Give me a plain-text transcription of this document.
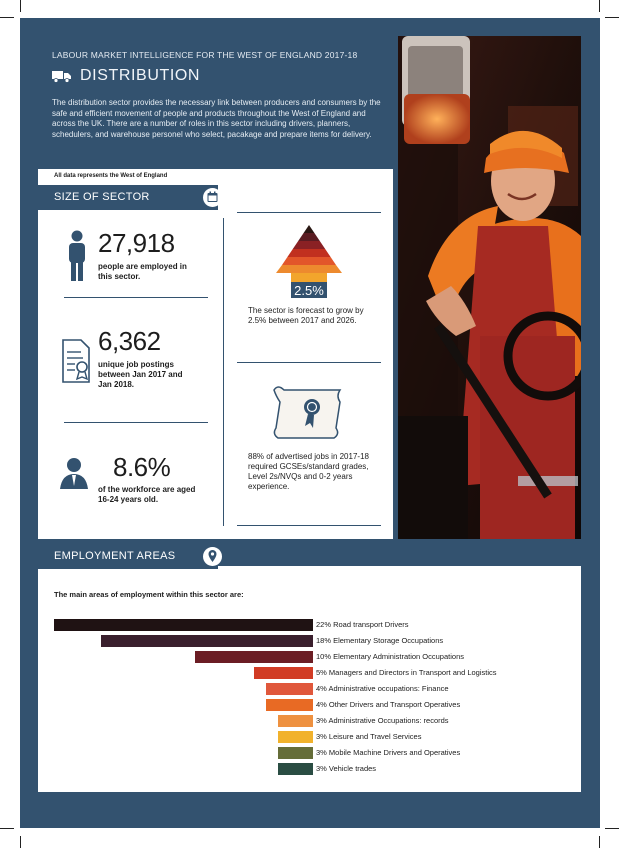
LABOUR MARKET INTELLIGENCE FOR THE WEST OF ENGLAND 2017-18
DISTRIBUTION
The distribution sector provides the necessary link between producers and consumers by the safe and efficient movement of people and products throughout the West of England and across the UK. There are a number of roles in this sector including drivers, planners, schedulers, and warehouse personel who select, pacakage and prepare items for delivery.
All data represents the West of England
SIZE OF SECTOR
27,918
people are employed in this sector.
6,362
unique job postings between Jan 2017 and Jan 2018.
8.6%
of the workforce are aged 16-24 years old.
2.5%
The sector is forecast to grow by 2.5% between 2017 and 2026.
88% of advertised jobs in 2017-18 required GCSEs/standard grades, Level 2s/NVQs and 0-2 years experience.
EMPLOYMENT AREAS
The main areas of employment within this sector are:
22% Road transport Drivers
18% Elementary Storage Occupations
10% Elementary Administration Occupations
5% Managers and Directors in Transport and Logistics
4% Administrative occupations: Finance
4% Other Drivers and Transport Operatives
3% Administrative Occupations: records
3% Leisure and Travel Services
3% Mobile Machine Drivers and Operatives
3% Vehicle trades
